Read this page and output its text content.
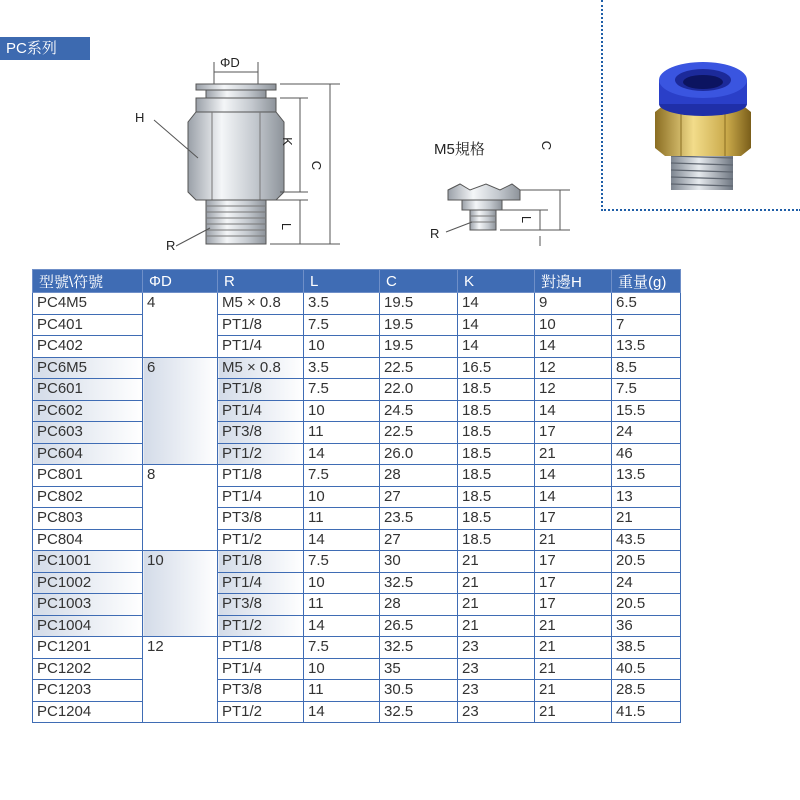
PC系列
ΦD
H
K
C
L
R
M5規格	C
L
R
型號\符號	ΦD	R	L	C	K	對邊H	重量(g)
PC4M5	4	M5 × 0.8	3.5	19.5	14	9	6.5
PC401		PT1/8	7.5	19.5	14	10	7
PC402		PT1/4	10	19.5	14	14	13.5
PC6M5	6	M5 × 0.8	3.5	22.5	16.5	12	8.5
PC601		PT1/8	7.5	22.0	18.5	12	7.5
PC602		PT1/4	10	24.5	18.5	14	15.5
PC603		PT3/8	11	22.5	18.5	17	24
PC604		PT1/2	14	26.0	18.5	21	46
PC801	8	PT1/8	7.5	28	18.5	14	13.5
PC802		PT1/4	10	27	18.5	14	13
PC803		PT3/8	11	23.5	18.5	17	21
PC804		PT1/2	14	27	18.5	21	43.5
PC1001	10	PT1/8	7.5	30	21	17	20.5
PC1002		PT1/4	10	32.5	21	17	24
PC1003		PT3/8	11	28	21	17	20.5
PC1004		PT1/2	14	26.5	21	21	36
PC1201	12	PT1/8	7.5	32.5	23	21	38.5
PC1202		PT1/4	10	35	23	21	40.5
PC1203		PT3/8	11	30.5	23	21	28.5
PC1204		PT1/2	14	32.5	23	21	41.5
